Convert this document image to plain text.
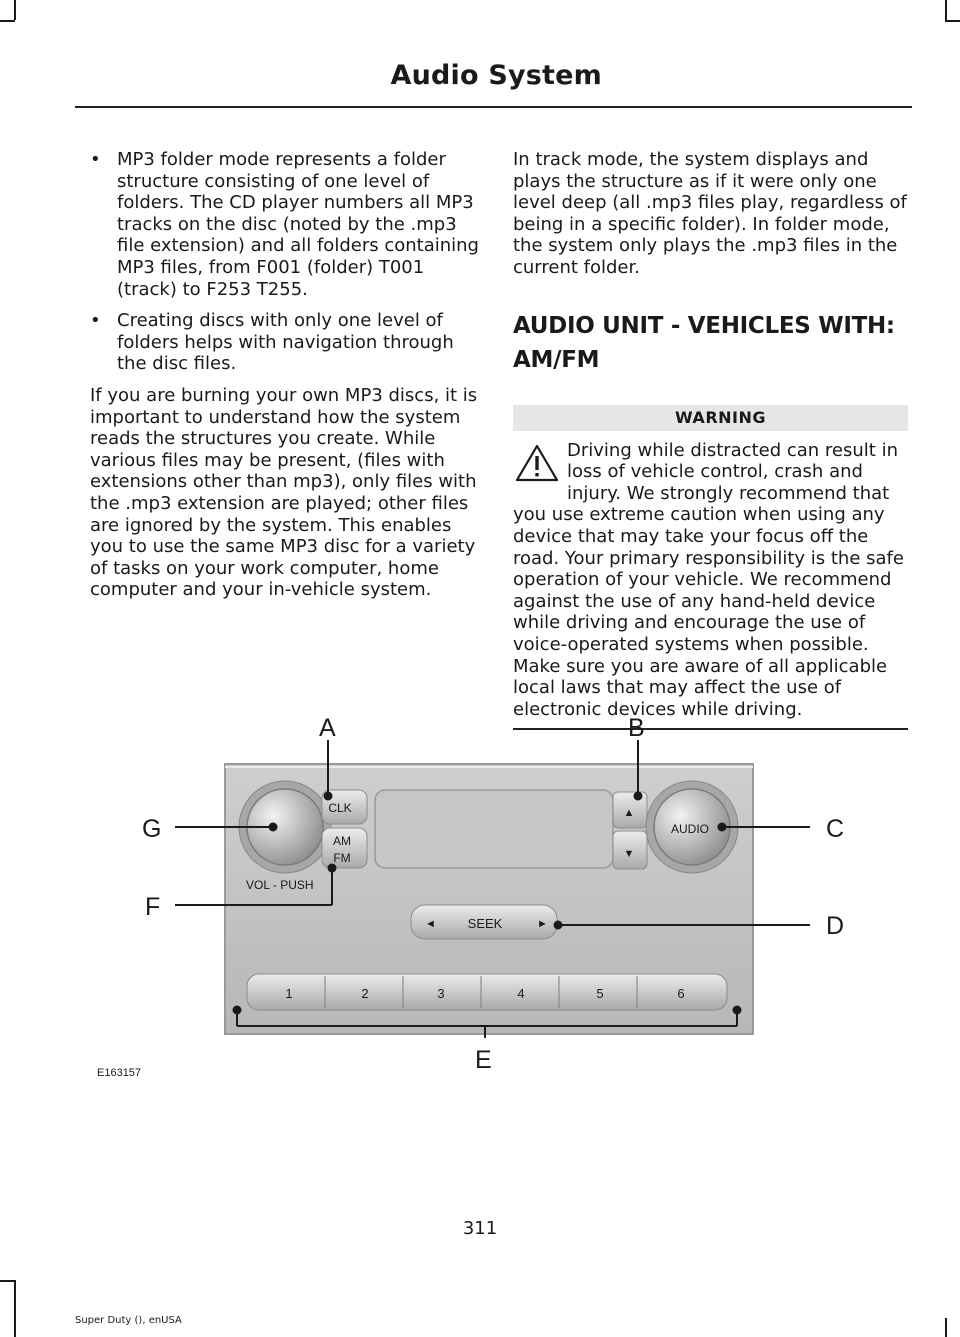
Audio System

• MP3 folder mode represents a folder structure consisting of one level of folders. The CD player numbers all MP3 tracks on the disc (noted by the .mp3 file extension) and all folders containing MP3 files, from F001 (folder) T001 (track) to F253 T255.

• Creating discs with only one level of folders helps with navigation through the disc files.

If you are burning your own MP3 discs, it is important to understand how the system reads the structures you create. While various files may be present, (files with extensions other than mp3), only files with the .mp3 extension are played; other files are ignored by the system. This enables you to use the same MP3 disc for a variety of tasks on your work computer, home computer and your in-vehicle system.

In track mode, the system displays and plays the structure as if it were only one level deep (all .mp3 files play, regardless of being in a specific folder). In folder mode, the system only plays the .mp3 files in the current folder.

AUDIO UNIT - VEHICLES WITH:
AM/FM

WARNING

Driving while distracted can result in loss of vehicle control, crash and injury. We strongly recommend that you use extreme caution when using any device that may take your focus off the road. Your primary responsibility is the safe operation of your vehicle. We recommend against the use of any hand-held device while driving and encourage the use of voice-operated systems when possible. Make sure you are aware of all applicable local laws that may affect the use of electronic devices while driving.

CLK
AM
FM
VOL - PUSH
▲
▼
AUDIO
◄ SEEK	►
1	2	3	4	5	6
A	B
C
D
E
F
G
E163157
311
Super Duty (), enUSA
